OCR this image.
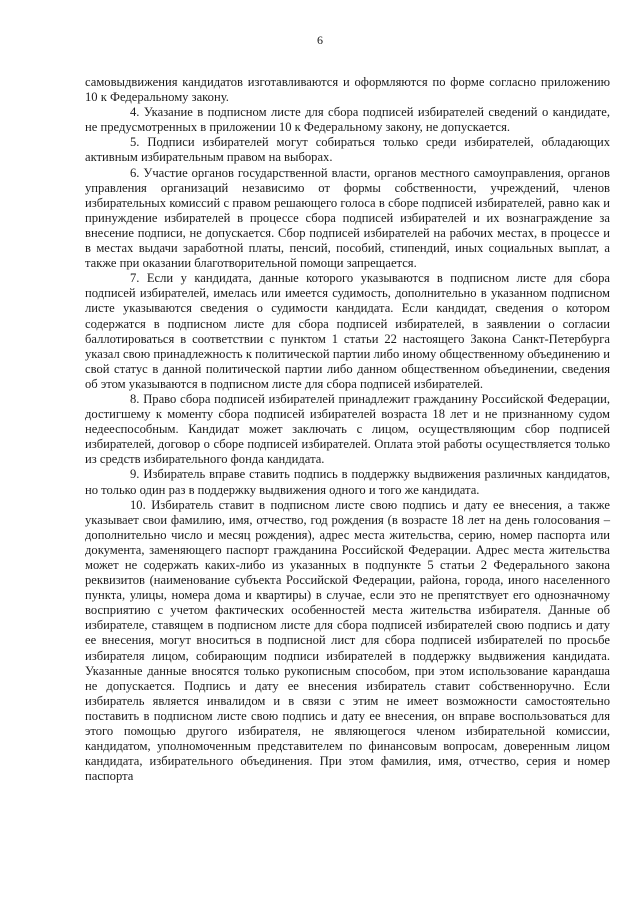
6

самовыдвижения кандидатов изготавливаются и оформляются по форме согласно приложению 10 к Федеральному закону.

4. Указание в подписном листе для сбора подписей избирателей сведений о кандидате, не предусмотренных в приложении 10 к Федеральному закону, не допускается.

5. Подписи избирателей могут собираться только среди избирателей, обладающих активным избирательным правом на выборах.

6. Участие органов государственной власти, органов местного самоуправления, органов управления организаций независимо от формы собственности, учреждений, членов избирательных комиссий с правом решающего голоса в сборе подписей избирателей, равно как и принуждение избирателей в процессе сбора подписей избирателей и их вознаграждение за внесение подписи, не допускается. Сбор подписей избирателей на рабочих местах, в процессе и в местах выдачи заработной платы, пенсий, пособий, стипендий, иных социальных выплат, а также при оказании благотворительной помощи запрещается.

7. Если у кандидата, данные которого указываются в подписном листе для сбора подписей избирателей, имелась или имеется судимость, дополнительно в указанном подписном листе указываются сведения о судимости кандидата. Если кандидат, сведения о котором содержатся в подписном листе для сбора подписей избирателей, в заявлении о согласии баллотироваться в соответствии с пунктом 1 статьи 22 настоящего Закона Санкт-Петербурга указал свою принадлежность к политической партии либо иному общественному объединению и свой статус в данной политической партии либо данном общественном объединении, сведения об этом указываются в подписном листе для сбора подписей избирателей.

8. Право сбора подписей избирателей принадлежит гражданину Российской Федерации, достигшему к моменту сбора подписей избирателей возраста 18 лет и не признанному судом недееспособным. Кандидат может заключать с лицом, осуществляющим сбор подписей избирателей, договор о сборе подписей избирателей. Оплата этой работы осуществляется только из средств избирательного фонда кандидата.

9. Избиратель вправе ставить подпись в поддержку выдвижения различных кандидатов, но только один раз в поддержку выдвижения одного и того же кандидата.

10. Избиратель ставит в подписном листе свою подпись и дату ее внесения, а также указывает свои фамилию, имя, отчество, год рождения (в возрасте 18 лет на день голосования – дополнительно число и месяц рождения), адрес места жительства, серию, номер паспорта или документа, заменяющего паспорт гражданина Российской Федерации. Адрес места жительства может не содержать каких-либо из указанных в подпункте 5 статьи 2 Федерального закона реквизитов (наименование субъекта Российской Федерации, района, города, иного населенного пункта, улицы, номера дома и квартиры) в случае, если это не препятствует его однозначному восприятию с учетом фактических особенностей места жительства избирателя. Данные об избирателе, ставящем в подписном листе для сбора подписей избирателей свою подпись и дату ее внесения, могут вноситься в подписной лист для сбора подписей избирателей по просьбе избирателя лицом, собирающим подписи избирателей в поддержку выдвижения кандидата. Указанные данные вносятся только рукописным способом, при этом использование карандаша не допускается. Подпись и дату ее внесения избиратель ставит собственноручно. Если избиратель является инвалидом и в связи с этим не имеет возможности самостоятельно поставить в подписном листе свою подпись и дату ее внесения, он вправе воспользоваться для этого помощью другого избирателя, не являющегося членом избирательной комиссии, кандидатом, уполномоченным представителем по финансовым вопросам, доверенным лицом кандидата, избирательного объединения. При этом фамилия, имя, отчество, серия и номер паспорта
